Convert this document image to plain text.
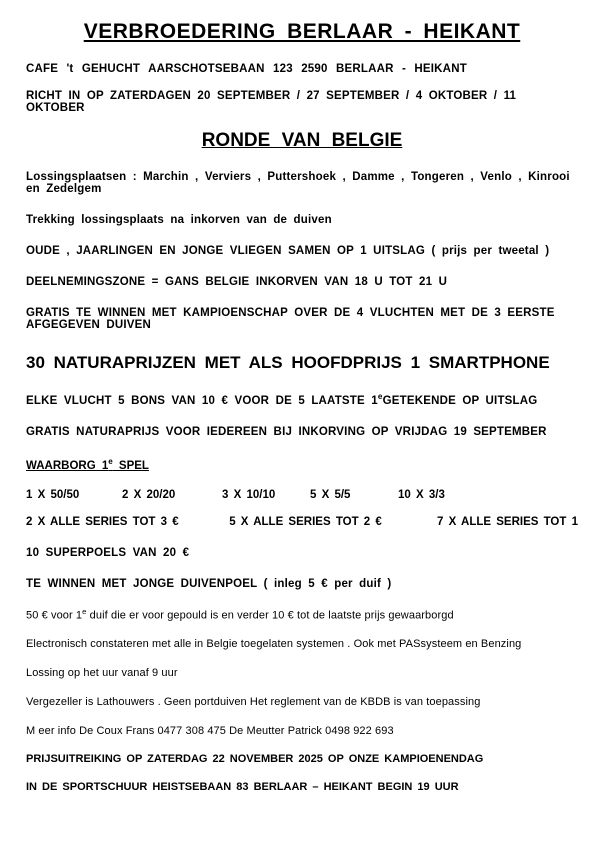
VERBROEDERING BERLAAR - HEIKANT

CAFE 't GEHUCHT AARSCHOTSEBAAN 123 2590 BERLAAR - HEIKANT

RICHT IN OP ZATERDAGEN 20 SEPTEMBER / 27 SEPTEMBER / 4 OKTOBER / 11 OKTOBER

RONDE VAN BELGIE

Lossingsplaatsen : Marchin , Verviers , Puttershoek , Damme , Tongeren , Venlo , Kinrooi en Zedelgem

Trekking lossingsplaats na inkorven van de duiven

OUDE , JAARLINGEN EN JONGE VLIEGEN SAMEN OP 1 UITSLAG ( prijs per tweetal )

DEELNEMINGSZONE = GANS BELGIE INKORVEN VAN 18 U TOT 21 U

GRATIS TE WINNEN MET KAMPIOENSCHAP OVER DE 4 VLUCHTEN MET DE 3 EERSTE AFGEGEVEN DUIVEN

30 NATURAPRIJZEN MET ALS HOOFDPRIJS 1 SMARTPHONE

ELKE VLUCHT 5 BONS VAN 10 € VOOR DE 5 LAATSTE 1eGETEKENDE OP UITSLAG

GRATIS NATURAPRIJS VOOR IEDEREEN BIJ INKORVING OP VRIJDAG 19 SEPTEMBER

WAARBORG 1e SPEL
1 X 50/50	2 X 20/20	3 X 10/10	5 X 5/5	10 X 3/3
2 X ALLE SERIES TOT 3 €	5 X ALLE SERIES TOT 2 €	7 X ALLE SERIES TOT 1

10 SUPERPOELS VAN 20 €

TE WINNEN MET JONGE DUIVENPOEL ( inleg 5 € per duif )

50 € voor 1e duif die er voor gepould is en verder 10 € tot de laatste prijs gewaarborgd

Electronisch constateren met alle in Belgie toegelaten systemen . Ook met PASsysteem en Benzing

Lossing op het uur vanaf 9 uur

Vergezeller is Lathouwers . Geen portduiven Het reglement van de KBDB is van toepassing

M eer info De Coux Frans 0477 308 475 De Meutter Patrick 0498 922 693

PRIJSUITREIKING OP ZATERDAG 22 NOVEMBER 2025 OP ONZE KAMPIOENENDAG

IN DE SPORTSCHUUR HEISTSEBAAN 83 BERLAAR – HEIKANT BEGIN 19 UUR
